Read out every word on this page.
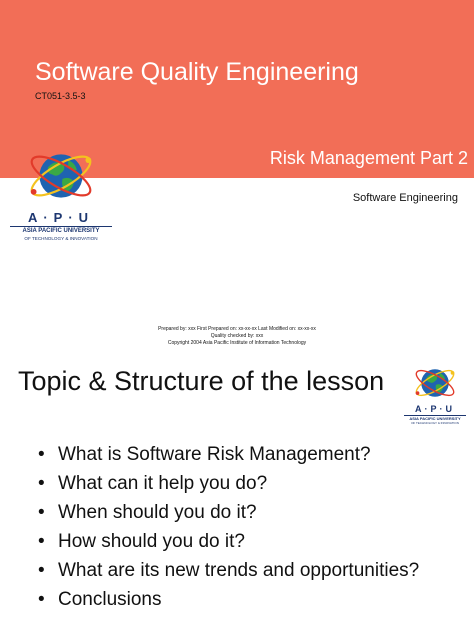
Software Quality Engineering
CT051-3.5-3
Risk Management Part 2
Software Engineering
A·P·U
ASIA PACIFIC UNIVERSITY
OF TECHNOLOGY & INNOVATION
Prepared by: xxx First Prepared on: xx-xx-xx Last Modified on: xx-xx-xx
Quality checked by: xxx
Copyright 2004 Asia Pacific Institute of Information Technology
Topic & Structure of the lesson
A·P·U
ASIA PACIFIC UNIVERSITY
OF TECHNOLOGY & INNOVATION
• What is Software Risk Management?
• What can it help you do?
• When should you do it?
• How should you do it?
• What are its new trends and opportunities?
• Conclusions
